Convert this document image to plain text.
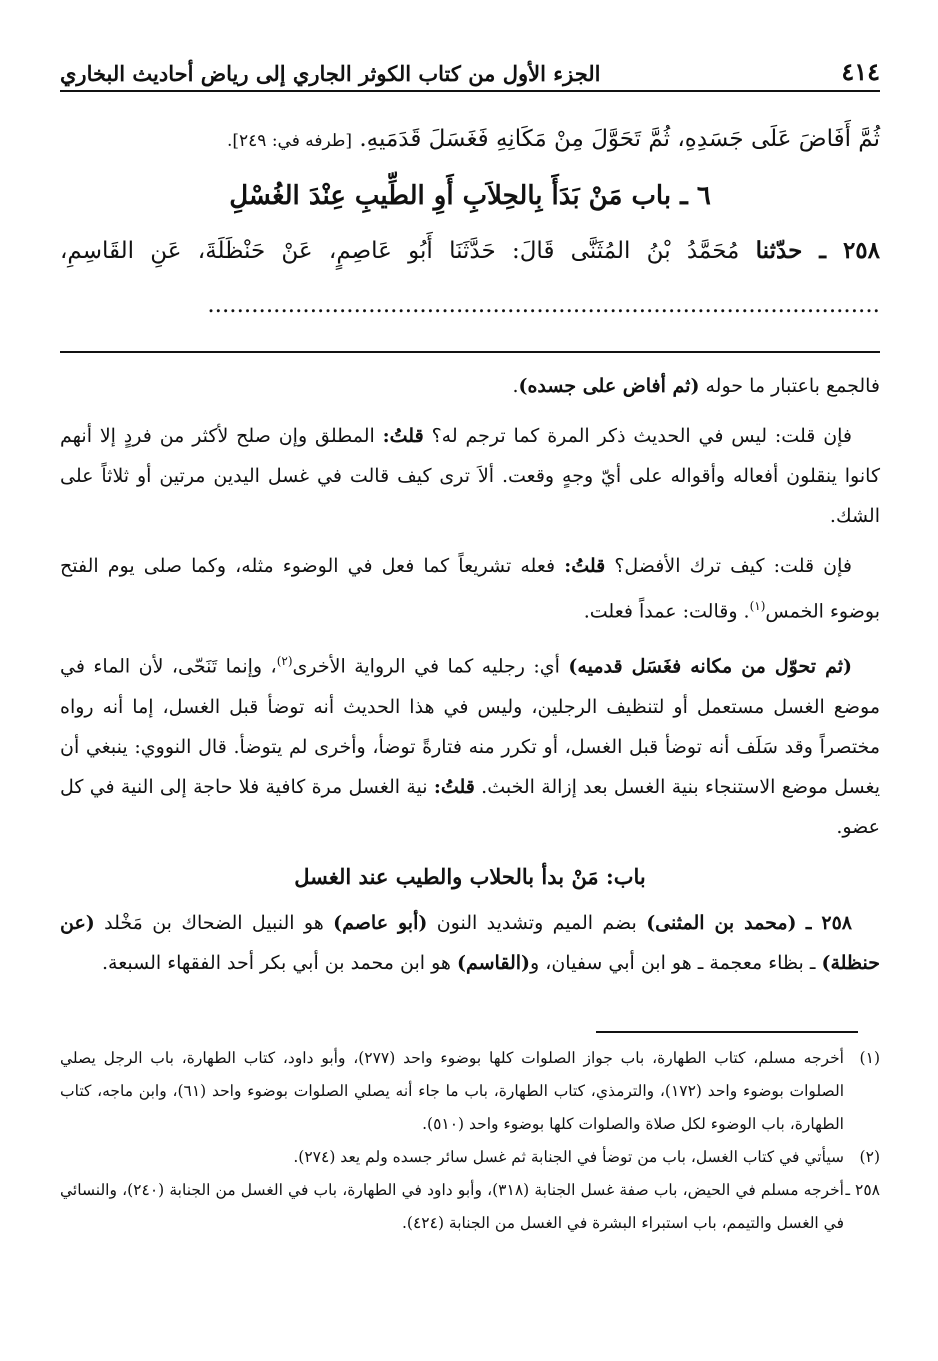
٤١٤
الجزء الأول من كتاب الكوثر الجاري إلى رياض أحاديث البخاري

ثُمَّ أَفَاضَ عَلَى جَسَدِهِ، ثُمَّ تَحَوَّلَ مِنْ مَكَانِهِ فَغَسَلَ قَدَمَيهِ. [طرفه في: ٢٤٩].

٦ ـ باب مَنْ بَدَأَ بِالحِلاَبِ أَوِ الطِّيبِ عِنْدَ الغُسْلِ

٢٥٨ ـ حدّثنا مُحَمَّدُ بْنُ المُثَنَّى قَالَ: حَدَّثَنَا أَبُو عَاصِمٍ، عَنْ حَنْظَلَةَ، عَنِ القَاسِمِ، ............................................................................................

فالجمع باعتبار ما حوله (ثم أفاض على جسده).

فإن قلت: ليس في الحديث ذكر المرة كما ترجم له؟ قلتُ: المطلق وإن صلح لأكثر من فردٍ إلا أنهم كانوا ينقلون أفعاله وأقواله على أيّ وجهٍ وقعت. ألاَ ترى كيف قالت في غسل اليدين مرتين أو ثلاثاً على الشك.

فإن قلت: كيف ترك الأفضل؟ قلتُ: فعله تشريعاً كما فعل في الوضوء مثله، وكما صلى يوم الفتح بوضوء الخمس$^{(١)}$. وقالت: عمداً فعلت.

(ثم تحوّل من مكانه فغَسَل قدميه) أي: رجليه كما في الرواية الأخرى$^{(٢)}$، وإنما تَنَحّى، لأن الماء في موضع الغسل مستعمل أو لتنظيف الرجلين، وليس في هذا الحديث أنه توضأ قبل الغسل، إما أنه رواه مختصراً وقد سَلَف أنه توضأ قبل الغسل، أو تكرر منه فتارةً توضأ، وأخرى لم يتوضأ. قال النووي: ينبغي أن يغسل موضع الاستنجاء بنية الغسل بعد إزالة الخبث. قلتُ: نية الغسل مرة كافية فلا حاجة إلى النية في كل عضو.

باب: مَنْ بدأ بالحلاب والطيب عند الغسل

٢٥٨ ـ (محمد بن المثنى) بضم الميم وتشديد النون (أبو عاصم) هو النبيل الضحاك بن مَخْلد (عن حنظلة) ـ بظاء معجمة ـ هو ابن أبي سفيان، و(القاسم) هو ابن محمد بن أبي بكر أحد الفقهاء السبعة.

(١)
أخرجه مسلم، كتاب الطهارة، باب جواز الصلوات كلها بوضوء واحد (٢٧٧)، وأبو داود، كتاب الطهارة، باب الرجل يصلي الصلوات بوضوء واحد (١٧٢)، والترمذي، كتاب الطهارة، باب ما جاء أنه يصلي الصلوات بوضوء واحد (٦١)، وابن ماجه، كتاب الطهارة، باب الوضوء لكل صلاة والصلوات كلها بوضوء واحد (٥١٠).
(٢)
سيأتي في كتاب الغسل، باب من توضأ في الجنابة ثم غسل سائر جسده ولم يعد (٢٧٤).
٢٥٨ ـ
أخرجه مسلم في الحيض، باب صفة غسل الجنابة (٣١٨)، وأبو داود في الطهارة، باب في الغسل من الجنابة (٢٤٠)، والنسائي في الغسل والتيمم، باب استبراء البشرة في الغسل من الجنابة (٤٢٤).
